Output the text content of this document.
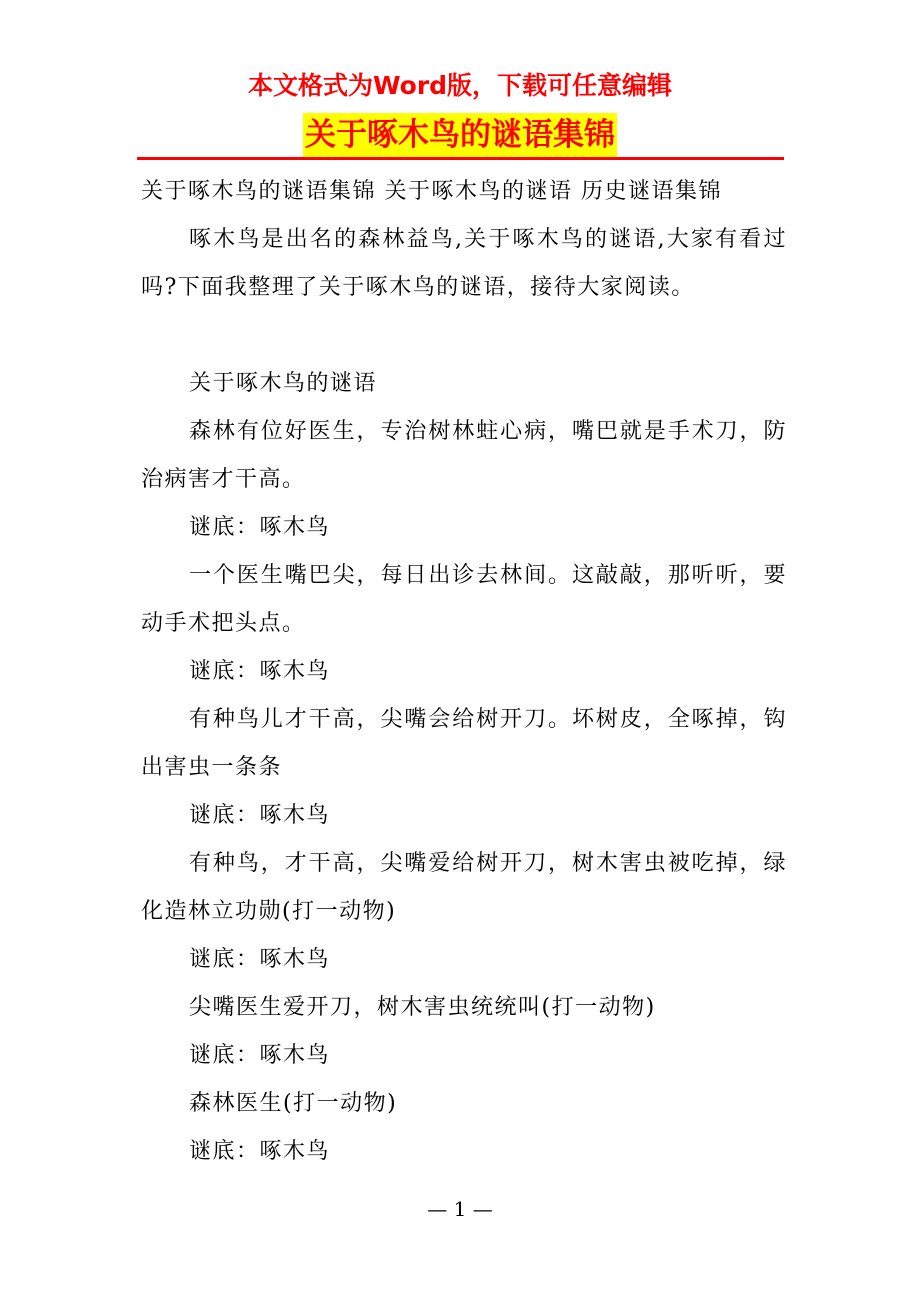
本文格式为Word版，下载可任意编辑
关于啄木鸟的谜语集锦

关于啄木鸟的谜语集锦 关于啄木鸟的谜语 历史谜语集锦

啄木鸟是出名的森林益鸟,关于啄木鸟的谜语,大家有看过吗?下面我整理了关于啄木鸟的谜语，接待大家阅读。

关于啄木鸟的谜语

森林有位好医生，专治树林蛀心病，嘴巴就是手术刀，防治病害才干高。

谜底：啄木鸟

一个医生嘴巴尖，每日出诊去林间。这敲敲，那听听，要动手术把头点。

谜底：啄木鸟

有种鸟儿才干高，尖嘴会给树开刀。坏树皮，全啄掉，钩出害虫一条条

谜底：啄木鸟

有种鸟，才干高，尖嘴爱给树开刀，树木害虫被吃掉，绿化造林立功勋(打一动物)

谜底：啄木鸟

尖嘴医生爱开刀，树木害虫统统叫(打一动物)

谜底：啄木鸟

森林医生(打一动物)

谜底：啄木鸟

— 1 —
